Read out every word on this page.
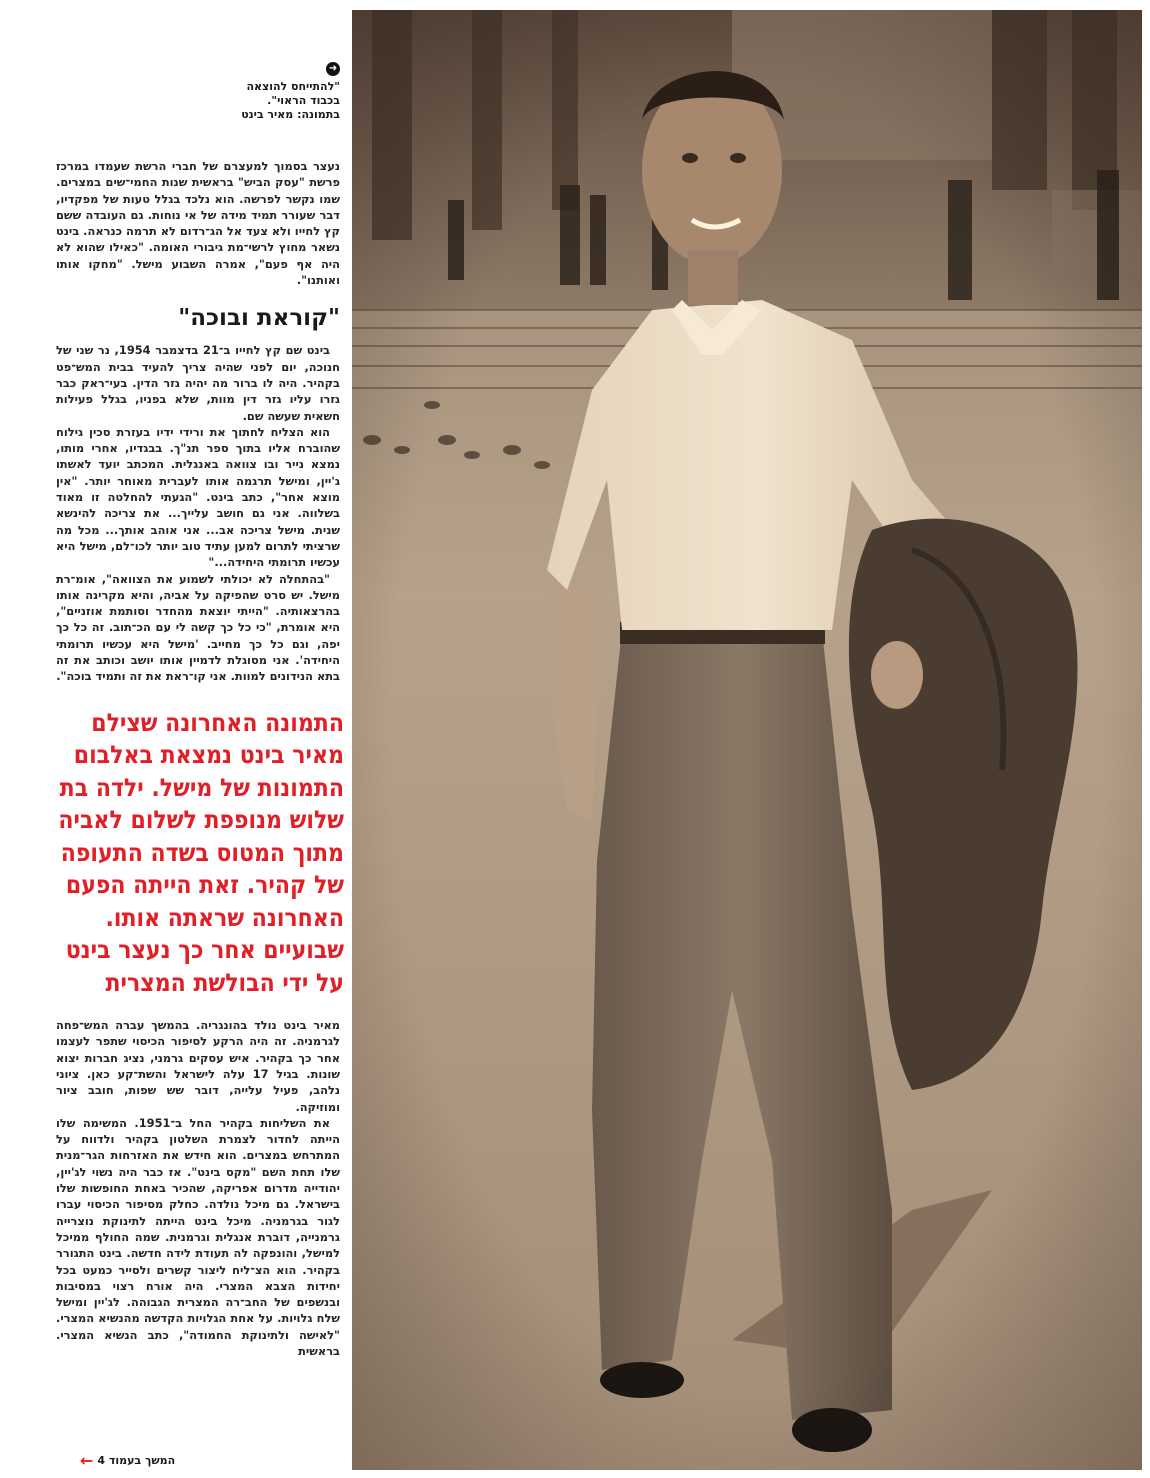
➜
"להתייחס להוצאה
בכבוד הראוי".
בתמונה: מאיר בינט

נעצר בסמוך למעצרם של חברי הרשת שעמדו במרכז פרשת "עסק הביש" בראשית שנות החמי־שים במצרים. שמו נקשר לפרשה. הוא נלכד בגלל טעות של מפקדיו, דבר שעורר תמיד מידה של אי נוחות. גם העובדה ששם קץ לחייו ולא צעד אל הג־רדום לא תרמה כנראה. בינט נשאר מחוץ לרשי־מת גיבורי האומה. "כאילו שהוא לא היה אף פעם", אמרה השבוע מישל. "מחקו אותו ואותנו".

"קוראת ובוכה"

בינט שם קץ לחייו ב־21 בדצמבר 1954, נר שני של חנוכה, יום לפני שהיה צריך להעיד בבית המש־פט בקהיר. היה לו ברור מה יהיה גזר הדין. בעי־ראק כבר גזרו עליו גזר דין מוות, שלא בפניו, בגלל פעילות חשאית שעשה שם.

הוא הצליח לחתוך את ורידי ידיו בעזרת סכין גילוח שהוברח אליו בתוך ספר תנ"ך. בבגדיו, אחרי מותו, נמצא נייר ובו צוואה באנגלית. המכתב יועד לאשתו ג'יין, ומישל תרגמה אותו לעברית מאוחר יותר. "אין מוצא אחר", כתב בינט. "הגעתי להחלטה זו מאוד בשלווה. אני גם חושב עלייך... את צריכה להינשא שנית. מישל צריכה אב... אני אוהב אותך... מכל מה שרציתי לתרום למען עתיד טוב יותר לכו־לם, מישל היא עכשיו תרומתי היחידה..."

"בהתחלה לא יכולתי לשמוע את הצוואה", אומ־רת מישל. יש סרט שהפיקה על אביה, והיא מקרינה אותו בהרצאותיה. "הייתי יוצאת מהחדר וסותמת אוזניים", היא אומרת, "כי כל כך קשה לי עם הכ־תוב. זה כל כך יפה, וגם כל כך מחייב. 'מישל היא עכשיו תרומתי היחידה'. אני מסוגלת לדמיין אותו יושב וכותב את זה בתא הנידונים למוות. אני קו־ראת את זה ותמיד בוכה".

התמונה האחרונה שצילם
מאיר בינט נמצאת באלבום
התמונות של מישל. ילדה בת
שלוש מנופפת לשלום לאביה
מתוך המטוס בשדה התעופה
של קהיר. זאת הייתה הפעם
האחרונה שראתה אותו.
שבועיים אחר כך נעצר בינט
על ידי הבולשת המצרית

מאיר בינט נולד בהונגריה. בהמשך עברה המש־פחה לגרמניה. זה היה הרקע לסיפור הכיסוי שתפר לעצמו אחר כך בקהיר. איש עסקים גרמני, נציג חברות יצוא שונות. בגיל 17 עלה לישראל והשת־קע כאן. ציוני נלהב, פעיל עלייה, דובר שש שפות, חובב ציור ומוזיקה.

את השליחות בקהיר החל ב־1951. המשימה שלו הייתה לחדור לצמרת השלטון בקהיר ולדווח על המתרחש במצרים. הוא חידש את האזרחות הגר־מנית שלו תחת השם "מקס בינט". אז כבר היה נשוי לג'יין, יהודייה מדרום אפריקה, שהכיר באחת החופשות שלו בישראל. גם מיכל נולדה. כחלק מסיפור הכיסוי עברו לגור בגרמניה. מיכל בינט הייתה לתינוקת נוצרייה גרמנייה, דוברת אנגלית וגרמנית. שמה החולף ממיכל למישל, והונפקה לה תעודת לידה חדשה. בינט התגורר בקהיר. הוא הצ־ליח ליצור קשרים ולסייר כמעט בכל יחידות הצבא המצרי. היה אורח רצוי במסיבות ובנשפים של החב־רה המצרית הגבוהה. לג'יין ומישל שלח גלויות. על אחת הגלויות הקדשה מהנשיא המצרי. "לאישה ולתינוקת החמודה", כתב הנשיא המצרי. בראשית

המשך בעמוד 4
←
